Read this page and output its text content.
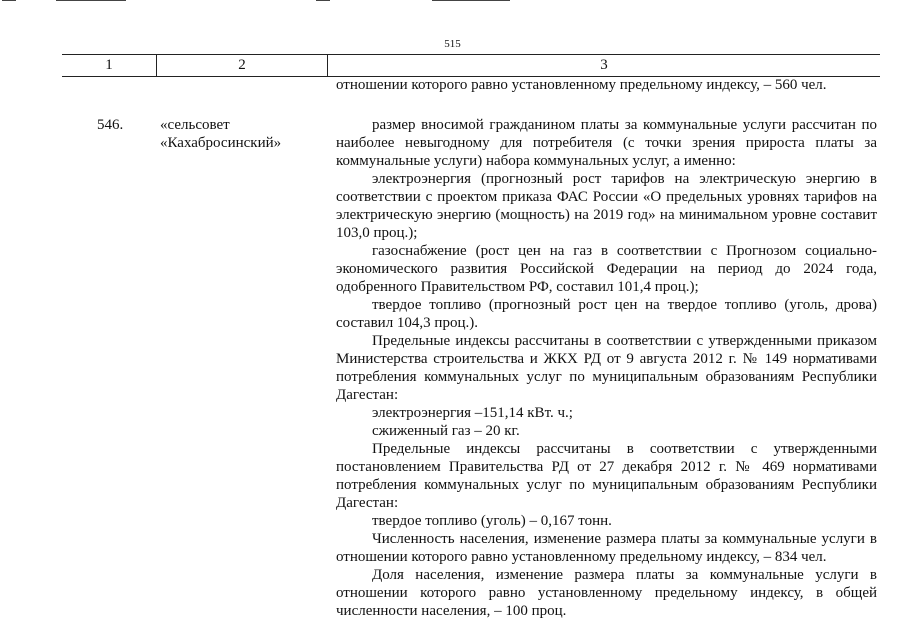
515
1	2	3
отношении которого равно установленному предельному индексу, – 560 чел.
546. «сельсовет
«Кахабросинский»
размер вносимой гражданином платы за коммунальные услуги рассчитан по
наиболее невыгодному для потребителя (с точки зрения прироста платы за
коммунальные услуги) набора коммунальных услуг, а именно:
электроэнергия (прогнозный рост тарифов на электрическую энергию в
соответствии с проектом приказа ФАС России «О предельных уровнях тарифов на
электрическую энергию (мощность) на 2019 год» на минимальном уровне составит
103,0 проц.);
газоснабжение (рост цен на газ в соответствии с Прогнозом социально-
экономического развития Российской Федерации на период до 2024 года,
одобренного Правительством РФ, составил 101,4 проц.);
твердое топливо (прогнозный рост цен на твердое топливо (уголь, дрова)
составил 104,3 проц.).
Предельные индексы рассчитаны в соответствии с утвержденными приказом
Министерства строительства и ЖКХ РД от 9 августа 2012 г. № 149 нормативами
потребления коммунальных услуг по муниципальным образованиям Республики
Дагестан:
электроэнергия –151,14 кВт. ч.;
сжиженный газ – 20 кг.
Предельные индексы рассчитаны в соответствии с утвержденными
постановлением Правительства РД от 27 декабря 2012 г. № 469 нормативами
потребления коммунальных услуг по муниципальным образованиям Республики
Дагестан:
твердое топливо (уголь) – 0,167 тонн.
Численность населения, изменение размера платы за коммунальные услуги в
отношении которого равно установленному предельному индексу, – 834 чел.
Доля населения, изменение размера платы за коммунальные услуги в
отношении которого равно установленному предельному индексу, в общей
численности населения, – 100 проц.
